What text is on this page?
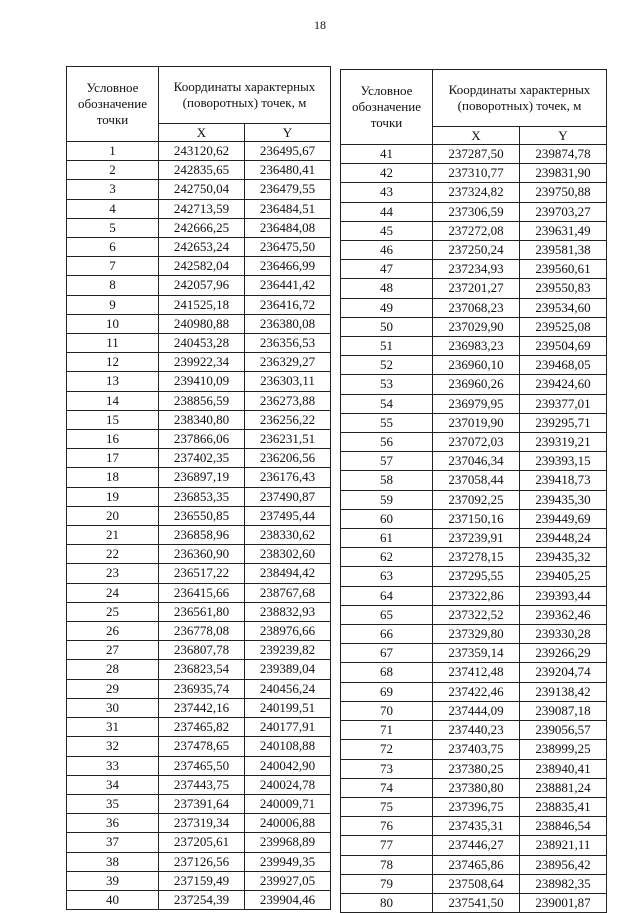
18
Условное обозначение точки	Координаты характерных (поворотных) точек, м	
	X	Y
1	243120,62	236495,67
2	242835,65	236480,41
3	242750,04	236479,55
4	242713,59	236484,51
5	242666,25	236484,08
6	242653,24	236475,50
7	242582,04	236466,99
8	242057,96	236441,42
9	241525,18	236416,72
10	240980,88	236380,08
11	240453,28	236356,53
12	239922,34	236329,27
13	239410,09	236303,11
14	238856,59	236273,88
15	238340,80	236256,22
16	237866,06	236231,51
17	237402,35	236206,56
18	236897,19	236176,43
19	236853,35	237490,87
20	236550,85	237495,44
21	236858,96	238330,62
22	236360,90	238302,60
23	236517,22	238494,42
24	236415,66	238767,68
25	236561,80	238832,93
26	236778,08	238976,66
27	236807,78	239239,82
28	236823,54	239389,04
29	236935,74	240456,24
30	237442,16	240199,51
31	237465,82	240177,91
32	237478,65	240108,88
33	237465,50	240042,90
34	237443,75	240024,78
35	237391,64	240009,71
36	237319,34	240006,88
37	237205,61	239968,89
38	237126,56	239949,35
39	237159,49	239927,05
40	237254,39	239904,46
Условное обозначение точки	Координаты характерных (поворотных) точек, м	
	X	Y
41	237287,50	239874,78
42	237310,77	239831,90
43	237324,82	239750,88
44	237306,59	239703,27
45	237272,08	239631,49
46	237250,24	239581,38
47	237234,93	239560,61
48	237201,27	239550,83
49	237068,23	239534,60
50	237029,90	239525,08
51	236983,23	239504,69
52	236960,10	239468,05
53	236960,26	239424,60
54	236979,95	239377,01
55	237019,90	239295,71
56	237072,03	239319,21
57	237046,34	239393,15
58	237058,44	239418,73
59	237092,25	239435,30
60	237150,16	239449,69
61	237239,91	239448,24
62	237278,15	239435,32
63	237295,55	239405,25
64	237322,86	239393,44
65	237322,52	239362,46
66	237329,80	239330,28
67	237359,14	239266,29
68	237412,48	239204,74
69	237422,46	239138,42
70	237444,09	239087,18
71	237440,23	239056,57
72	237403,75	238999,25
73	237380,25	238940,41
74	237380,80	238881,24
75	237396,75	238835,41
76	237435,31	238846,54
77	237446,27	238921,11
78	237465,86	238956,42
79	237508,64	238982,35
80	237541,50	239001,87
